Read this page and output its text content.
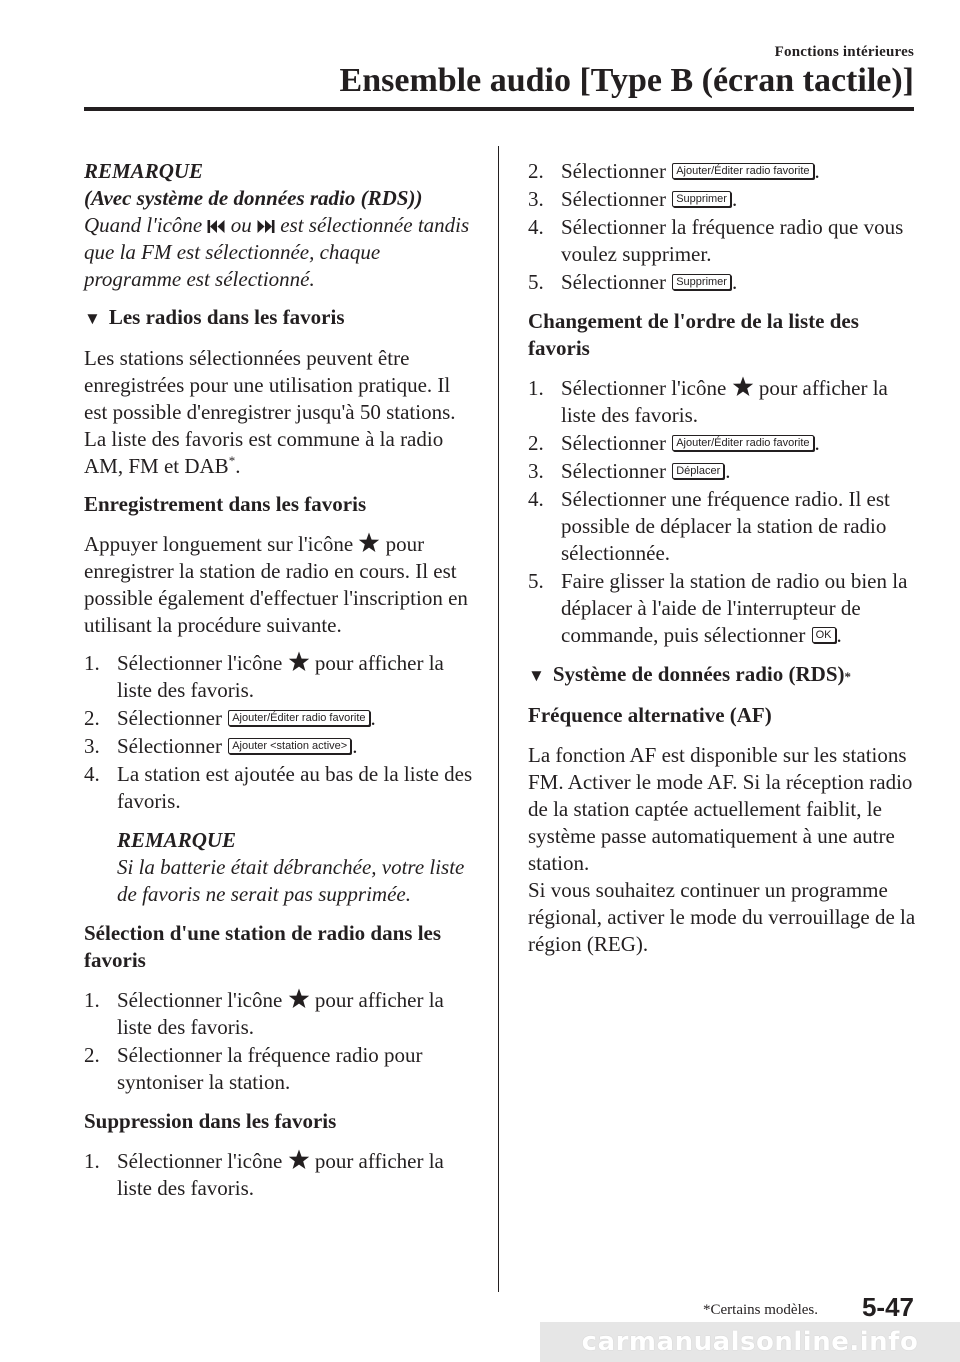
Fonctions intérieures
Ensemble audio [Type B (écran tactile)]

REMARQUE

(Avec système de données radio (RDS))

Quand l'icône
ou
est sélectionnée tandis que la FM est sélectionnée, chaque programme est sélectionné.

▼ Les radios dans les favoris

Les stations sélectionnées peuvent être enregistrées pour une utilisation pratique. Il est possible d'enregistrer jusqu'à 50 stations. La liste des favoris est commune à la radio AM, FM et DAB*.

Enregistrement dans les favoris

Appuyer longuement sur l'icône
pour enregistrer la station de radio en cours. Il est possible également d'effectuer l'inscription en utilisant la procédure suivante.

1. Sélectionner l'icône
pour afficher la liste des favoris.
2. Sélectionner Ajouter/Éditer radio favorite .
3. Sélectionner Ajouter <station active> .
4. La station est ajoutée au bas de la liste des favoris.

REMARQUE

Si la batterie était débranchée, votre liste de favoris ne serait pas supprimée.

Sélection d'une station de radio dans les favoris

1. Sélectionner l'icône
pour afficher la liste des favoris.
2. Sélectionner la fréquence radio pour syntoniser la station.

Suppression dans les favoris

1. Sélectionner l'icône
pour afficher la liste des favoris.
2. Sélectionner Ajouter/Éditer radio favorite .
3. Sélectionner Supprimer .
4. Sélectionner la fréquence radio que vous voulez supprimer.
5. Sélectionner Supprimer .

Changement de l'ordre de la liste des favoris

1. Sélectionner l'icône
pour afficher la liste des favoris.
2. Sélectionner Ajouter/Éditer radio favorite .
3. Sélectionner Déplacer .
4. Sélectionner une fréquence radio. Il est possible de déplacer la station de radio sélectionnée.
5. Faire glisser la station de radio ou bien la déplacer à l'aide de l'interrupteur de commande, puis sélectionner OK .
▼ Système de données radio (RDS) *

Fréquence alternative (AF)

La fonction AF est disponible sur les stations FM. Activer le mode AF. Si la réception radio de la station captée actuellement faiblit, le système passe automatiquement à une autre station.

Si vous souhaitez continuer un programme régional, activer le mode du verrouillage de la région (REG).

*Certains modèles. 5-47
carmanualsonline.info
